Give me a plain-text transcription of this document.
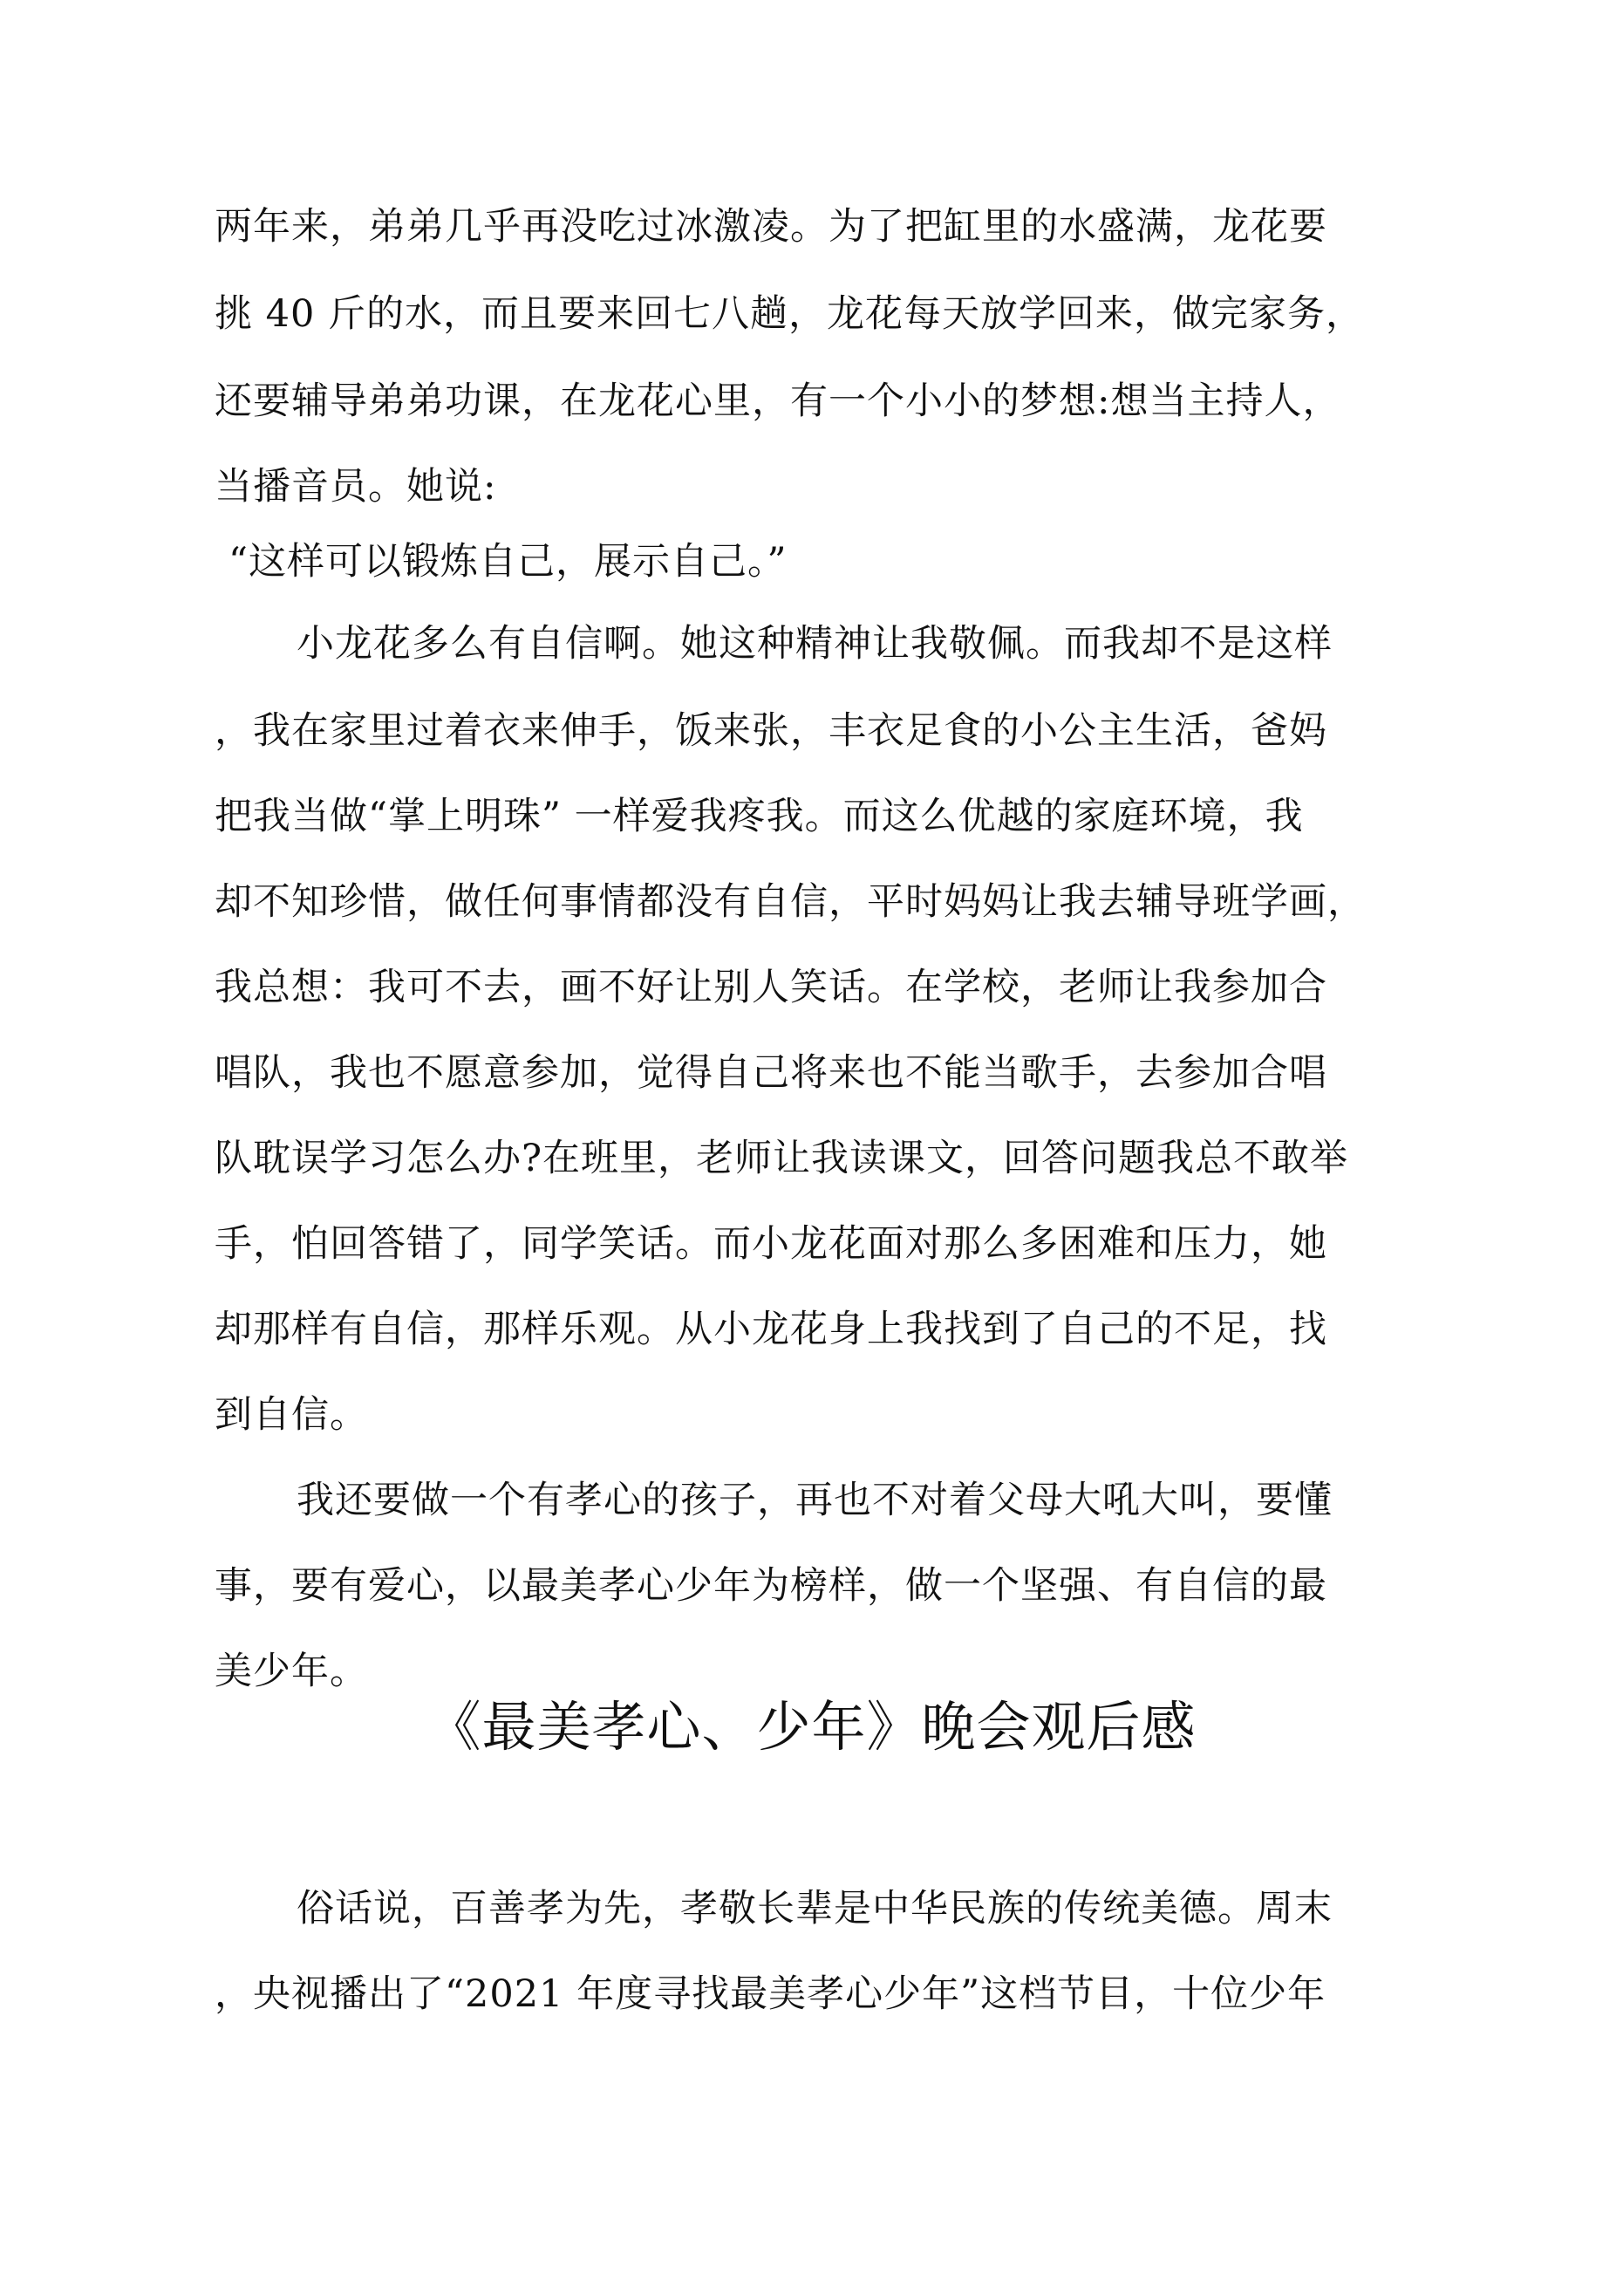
两年来，弟弟几乎再没吃过冰激凌。为了把缸里的水盛满，龙花要
挑 40 斤的水，而且要来回七八趟，龙花每天放学回来，做完家务，
还要辅导弟弟功课，在龙花心里，有一个小小的梦想:想当主持人，
当播音员。她说:
“这样可以锻炼自己，展示自己。”
小龙花多么有自信啊。她这种精神让我敬佩。而我却不是这样
，我在家里过着衣来伸手，饭来张，丰衣足食的小公主生活，爸妈
把我当做“掌上明珠” 一样爱我疼我。而这么优越的家庭环境，我
却不知珍惜，做任何事情都没有自信，平时妈妈让我去辅导班学画，
我总想：我可不去，画不好让别人笑话。在学校，老师让我参加合
唱队，我也不愿意参加，觉得自己将来也不能当歌手，去参加合唱
队耽误学习怎么办?在班里，老师让我读课文，回答问题我总不敢举
手，怕回答错了，同学笑话。而小龙花面对那么多困难和压力，她
却那样有自信，那样乐观。从小龙花身上我找到了自己的不足，找
到自信。
我还要做一个有孝心的孩子，再也不对着父母大吼大叫，要懂
事，要有爱心，以最美孝心少年为榜样，做一个坚强、有自信的最
美少年。
《最美孝心、少年》晚会观后感
俗话说，百善孝为先，孝敬长辈是中华民族的传统美德。周末
，央视播出了“2021 年度寻找最美孝心少年”这档节目，十位少年
